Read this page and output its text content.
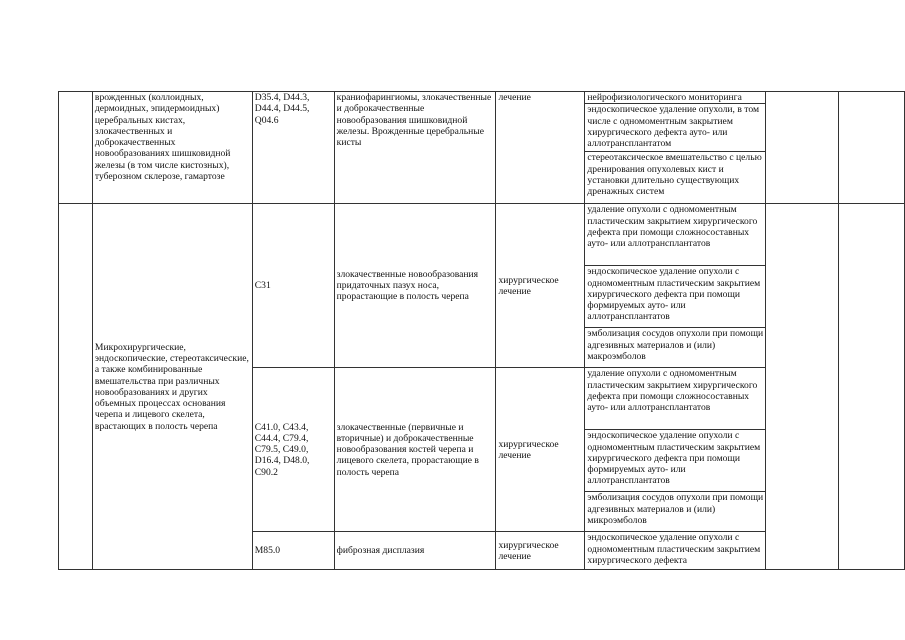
	врожденных (коллоидных, дермоидных, эпидермоидных) церебральных кистах, злокачественных и доброкачественных новообразованиях шишковидной железы (в том числе кистозных), туберозном склерозе, гамартозе	D35.4, D44.3, D44.4, D44.5, Q04.6	краниофарингиомы, злокачественные и доброкачественные новообразования шишковидной железы. Врожденные церебральные кисты	лечение	нейрофизиологического мониторинга		

					эндоскопическое удаление опухоли, в том числе с одномоментным закрытием хирургического дефекта ауто- или аллотрансплантатом		

					стереотаксическое вмешательство с целью дренирования опухолевых кист и установки длительно существующих дренажных систем		

	Микрохирургические, эндоскопические, стереотаксические, а также комбинированные вмешательства при различных новообразованиях и других объемных процессах основания черепа и лицевого скелета, врастающих в полость черепа	C31	злокачественные новообразования придаточных пазух носа, прорастающие в полость черепа	хирургическое лечение	удаление опухоли с одномоментным пластическим закрытием хирургического дефекта при помощи сложносоставных ауто- или аллотрансплантатов		

					эндоскопическое удаление опухоли с одномоментным пластическим закрытием хирургического дефекта при помощи формируемых ауто- или аллотрансплантатов		

					эмболизация сосудов опухоли при помощи адгезивных материалов и (или) макроэмболов		

		C41.0, C43.4, C44.4, C79.4, C79.5, C49.0, D16.4, D48.0, C90.2	злокачественные (первичные и вторичные) и доброкачественные новообразования костей черепа и лицевого скелета, прорастающие в полость черепа	хирургическое лечение	удаление опухоли с одномоментным пластическим закрытием хирургического дефекта при помощи сложносоставных ауто- или аллотрансплантатов		

					эндоскопическое удаление опухоли с одномоментным пластическим закрытием хирургического дефекта при помощи формируемых ауто- или аллотрансплантатов		

					эмболизация сосудов опухоли при помощи адгезивных материалов и (или) микроэмболов		

		M85.0	фиброзная дисплазия	хирургическое лечение	эндоскопическое удаление опухоли с одномоментным пластическим закрытием хирургического дефекта		
